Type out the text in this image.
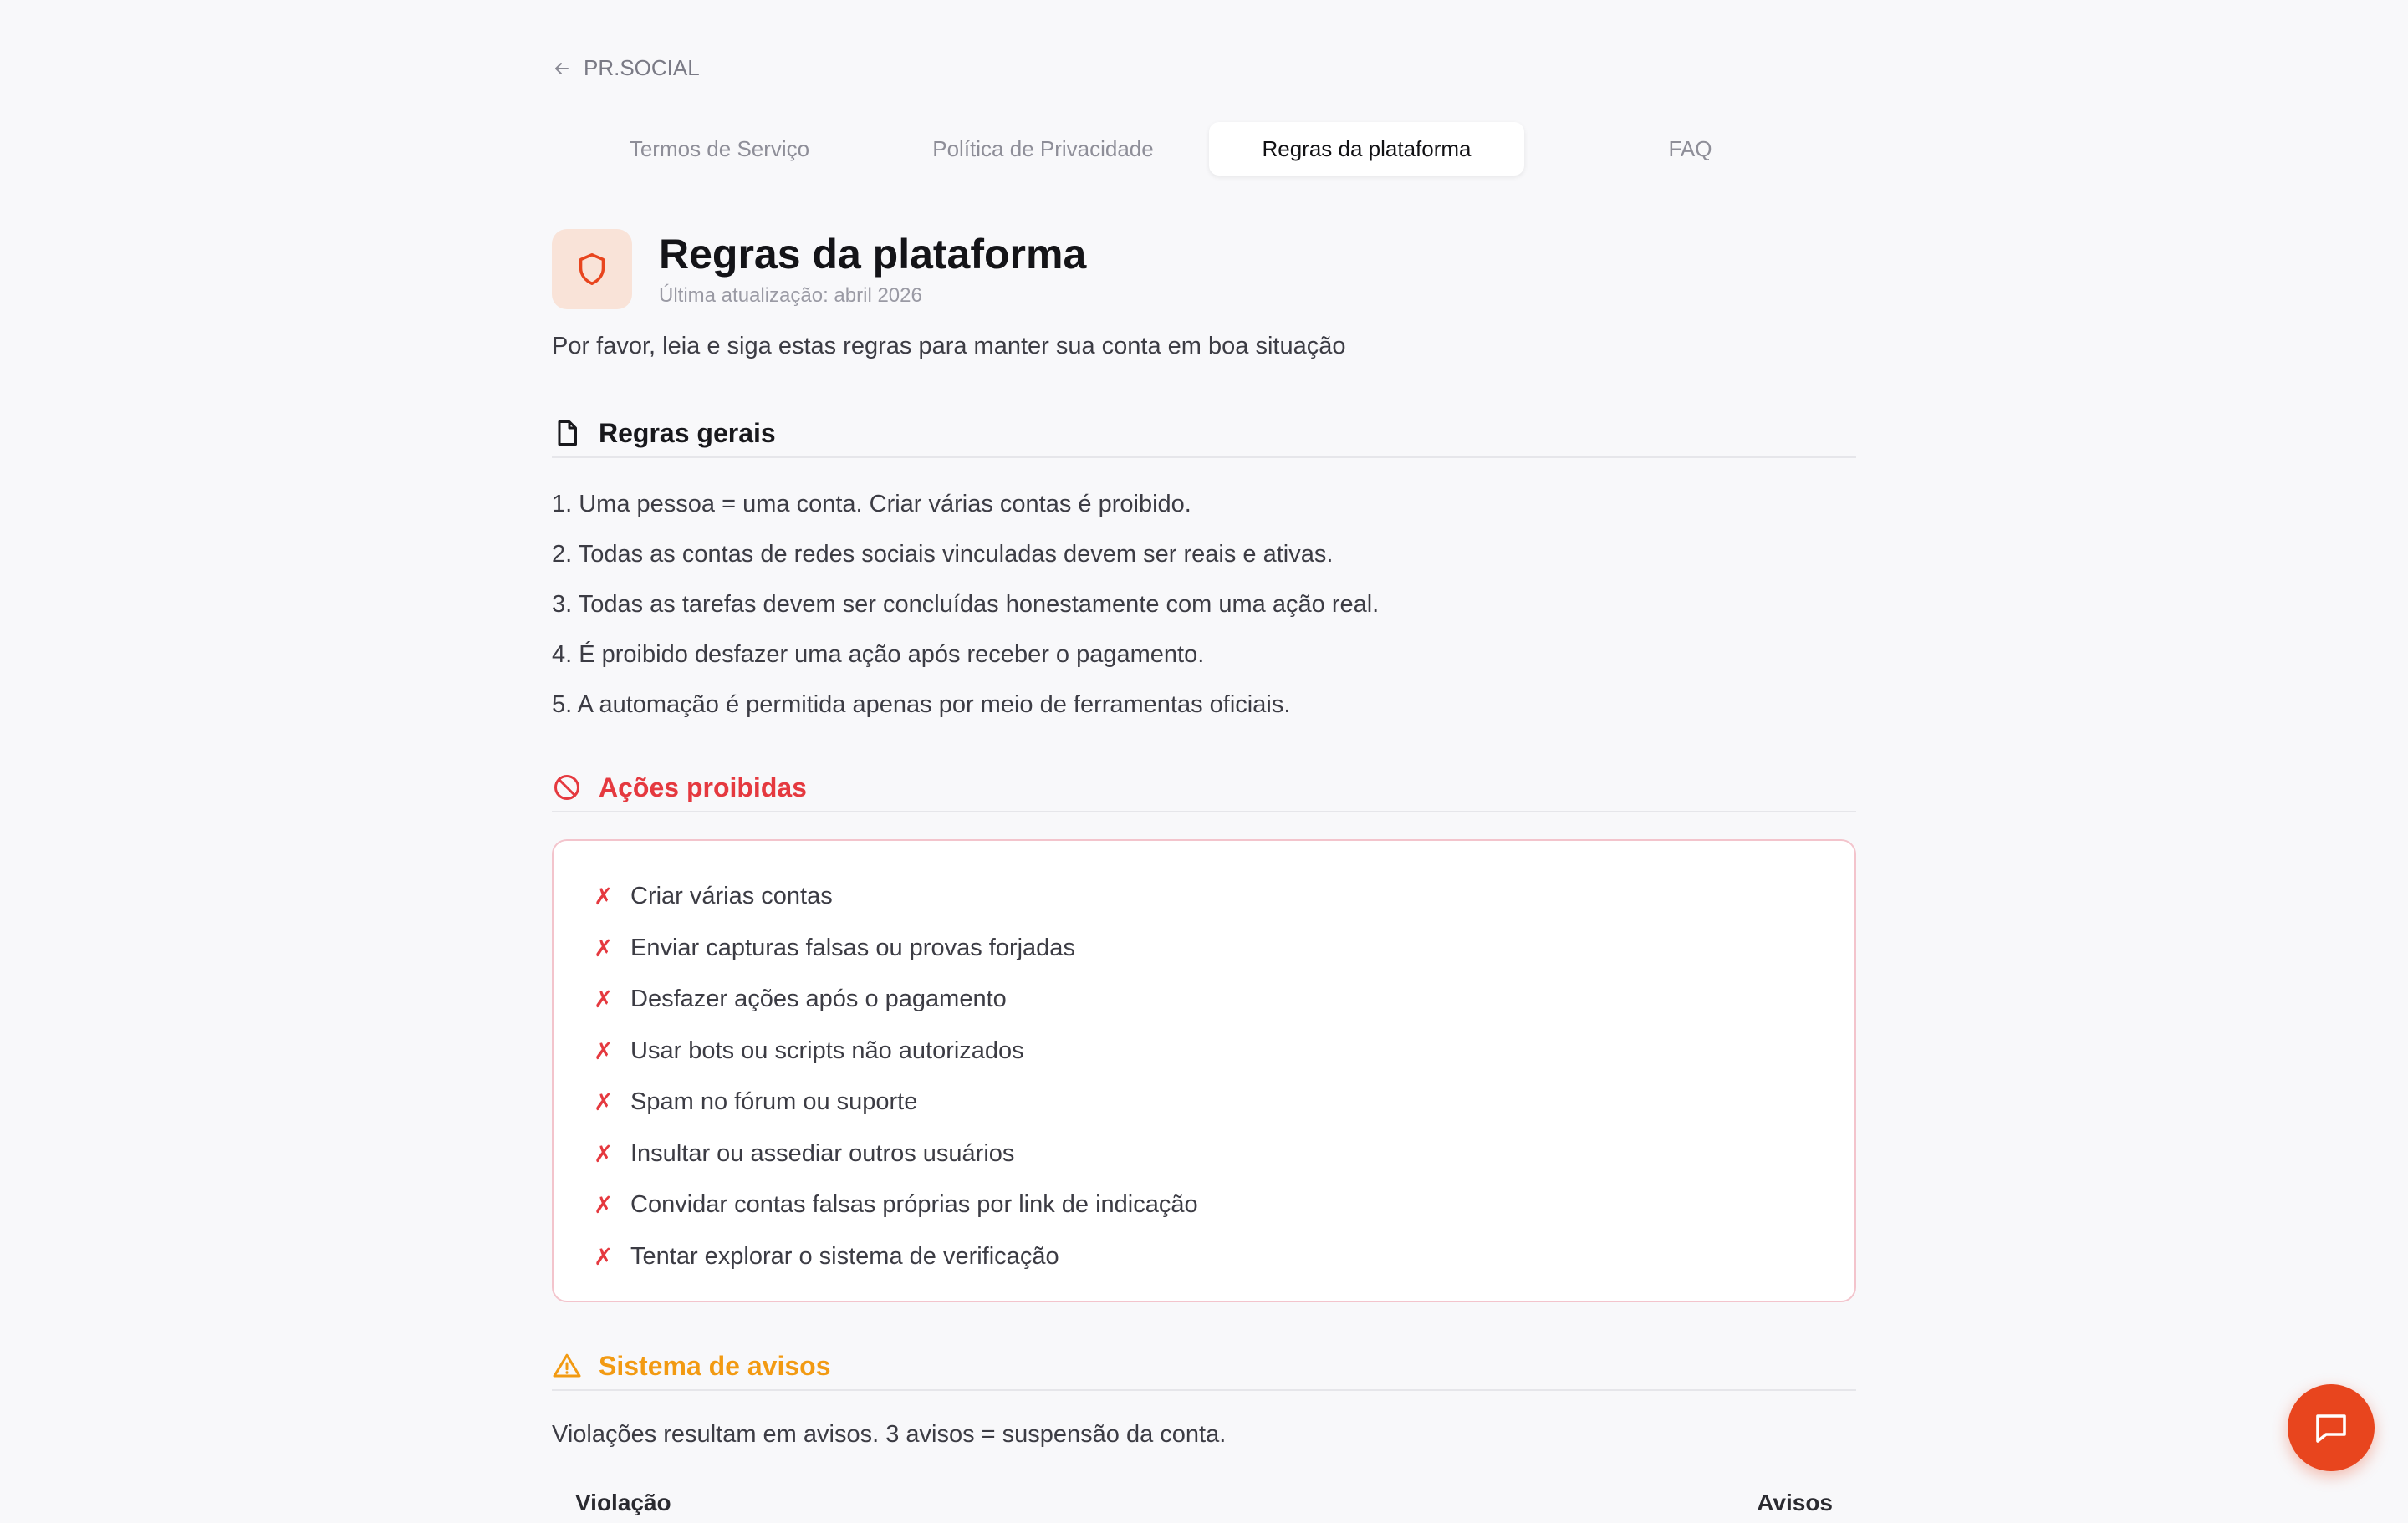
PR.SOCIAL
Termos de Serviço	Política de Privacidade	Regras da plataforma	FAQ
Regras da plataforma
Última atualização: abril 2026
Por favor, leia e siga estas regras para manter sua conta em boa situação
Regras gerais
1. Uma pessoa = uma conta. Criar várias contas é proibido.
2. Todas as contas de redes sociais vinculadas devem ser reais e ativas.
3. Todas as tarefas devem ser concluídas honestamente com uma ação real.
4. É proibido desfazer uma ação após receber o pagamento.
5. A automação é permitida apenas por meio de ferramentas oficiais.
Ações proibidas
✗ Criar várias contas
✗ Enviar capturas falsas ou provas forjadas
✗ Desfazer ações após o pagamento
✗ Usar bots ou scripts não autorizados
✗ Spam no fórum ou suporte
✗ Insultar ou assediar outros usuários
✗ Convidar contas falsas próprias por link de indicação
✗ Tentar explorar o sistema de verificação
Sistema de avisos
Violações resultam em avisos. 3 avisos = suspensão da conta.
Violação	Avisos
